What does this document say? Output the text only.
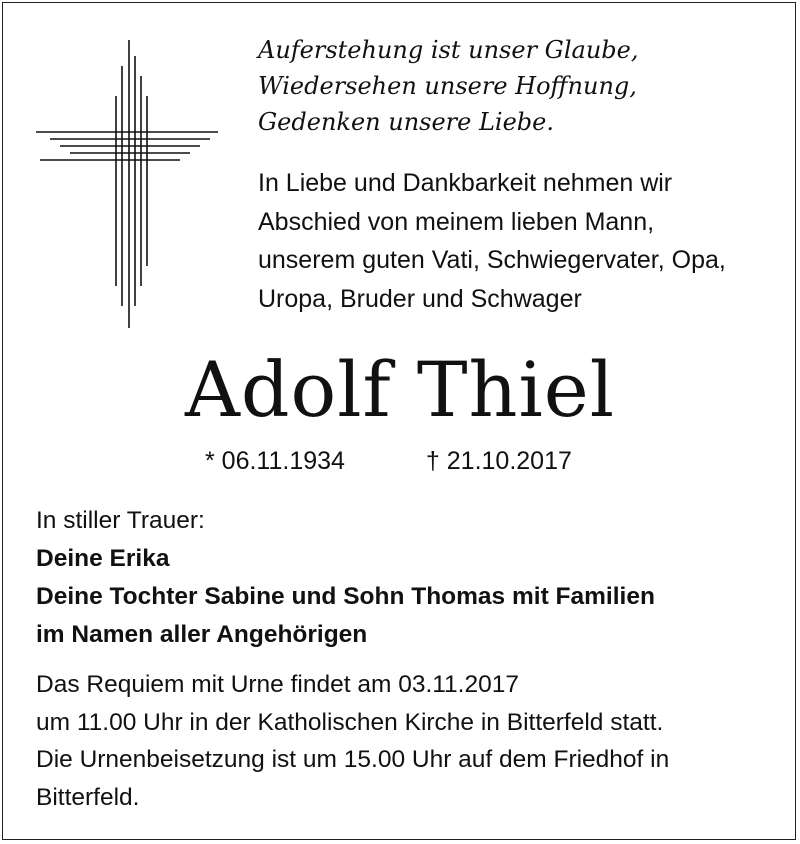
Auferstehung ist unser Glaube,
Wiedersehen unsere Hoffnung,
Gedenken unsere Liebe.
In Liebe und Dankbarkeit nehmen wir
Abschied von meinem lieben Mann,
unserem guten Vati, Schwiegervater, Opa,
Uropa, Bruder und Schwager
Adolf Thiel
* 06.11.1934	† 21.10.2017
In stiller Trauer:
Deine Erika
Deine Tochter Sabine und Sohn Thomas mit Familien
im Namen aller Angehörigen
Das Requiem mit Urne findet am 03.11.2017
um 11.00 Uhr in der Katholischen Kirche in Bitterfeld statt.
Die Urnenbeisetzung ist um 15.00 Uhr auf dem Friedhof in
Bitterfeld.
